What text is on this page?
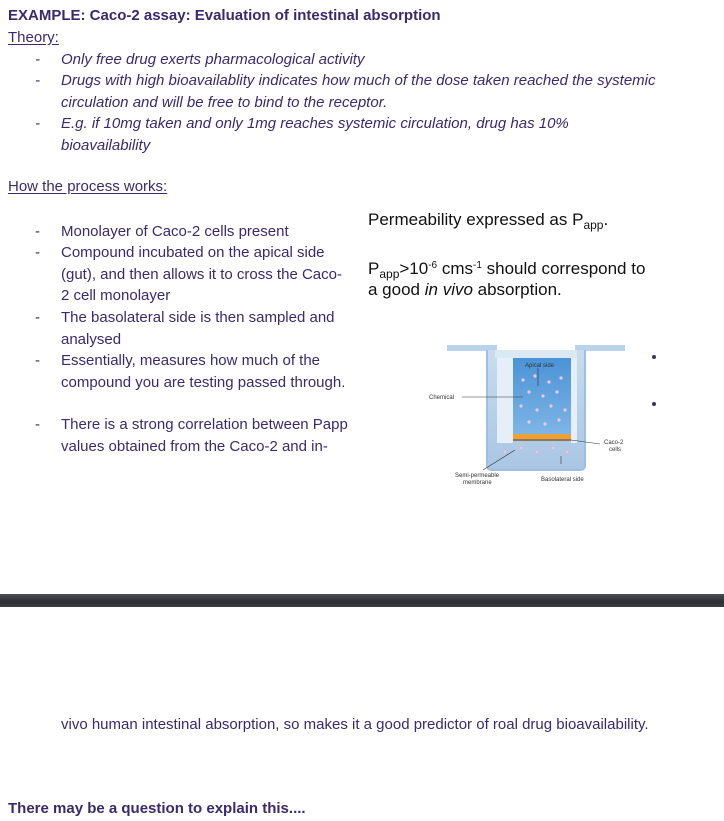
EXAMPLE: Caco-2 assay: Evaluation of intestinal absorption
Theory:
- Only free drug exerts pharmacological activity
- Drugs with high bioavailablity indicates how much of the dose taken reached the systemic circulation and will be free to bind to the receptor.
- E.g. if 10mg taken and only 1mg reaches systemic circulation, drug has 10% bioavailability
How the process works:
- Monolayer of Caco-2 cells present
- Compound incubated on the apical side (gut), and then allows it to cross the Caco-2 cell monolayer
- The basolateral side is then sampled and analysed
- Essentially, measures how much of the compound you are testing passed through.
- There is a strong correlation between Papp values obtained from the Caco-2 and in-
Permeability expressed as $P_{app}$.
$P_{app}>10^{-6}$ cms$^{-1}$ should correspond to
a good in vivo absorption.
Apical side
Chemical
Caco-2
cells
Semi-permeable
membrane	Basolateral side
vivo human intestinal absorption, so makes it a good predictor of roal drug bioavailability.
There may be a question to explain this....
